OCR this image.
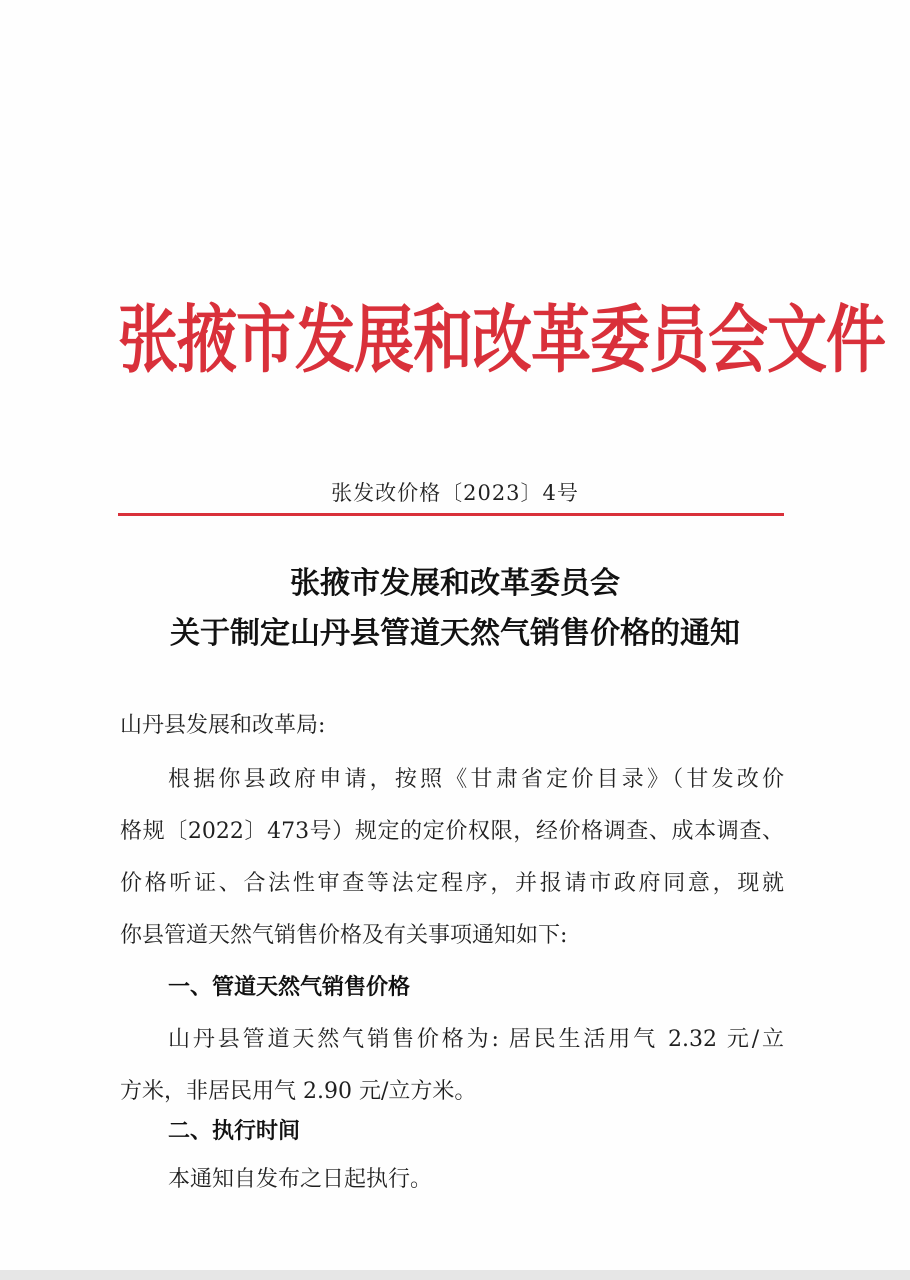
张掖市发展和改革委员会文件
张发改价格〔2023〕4号
张掖市发展和改革委员会
关于制定山丹县管道天然气销售价格的通知
山丹县发展和改革局:
根据你县政府申请，按照《甘肃省定价目录》（甘发改价
格规〔2022〕473号）规定的定价权限，经价格调查、成本调查、
价格听证、合法性审查等法定程序，并报请市政府同意，现就
你县管道天然气销售价格及有关事项通知如下:
一、管道天然气销售价格
山丹县管道天然气销售价格为: 居民生活用气 2.32 元/立
方米，非居民用气 2.90 元/立方米。
二、执行时间
本通知自发布之日起执行。
